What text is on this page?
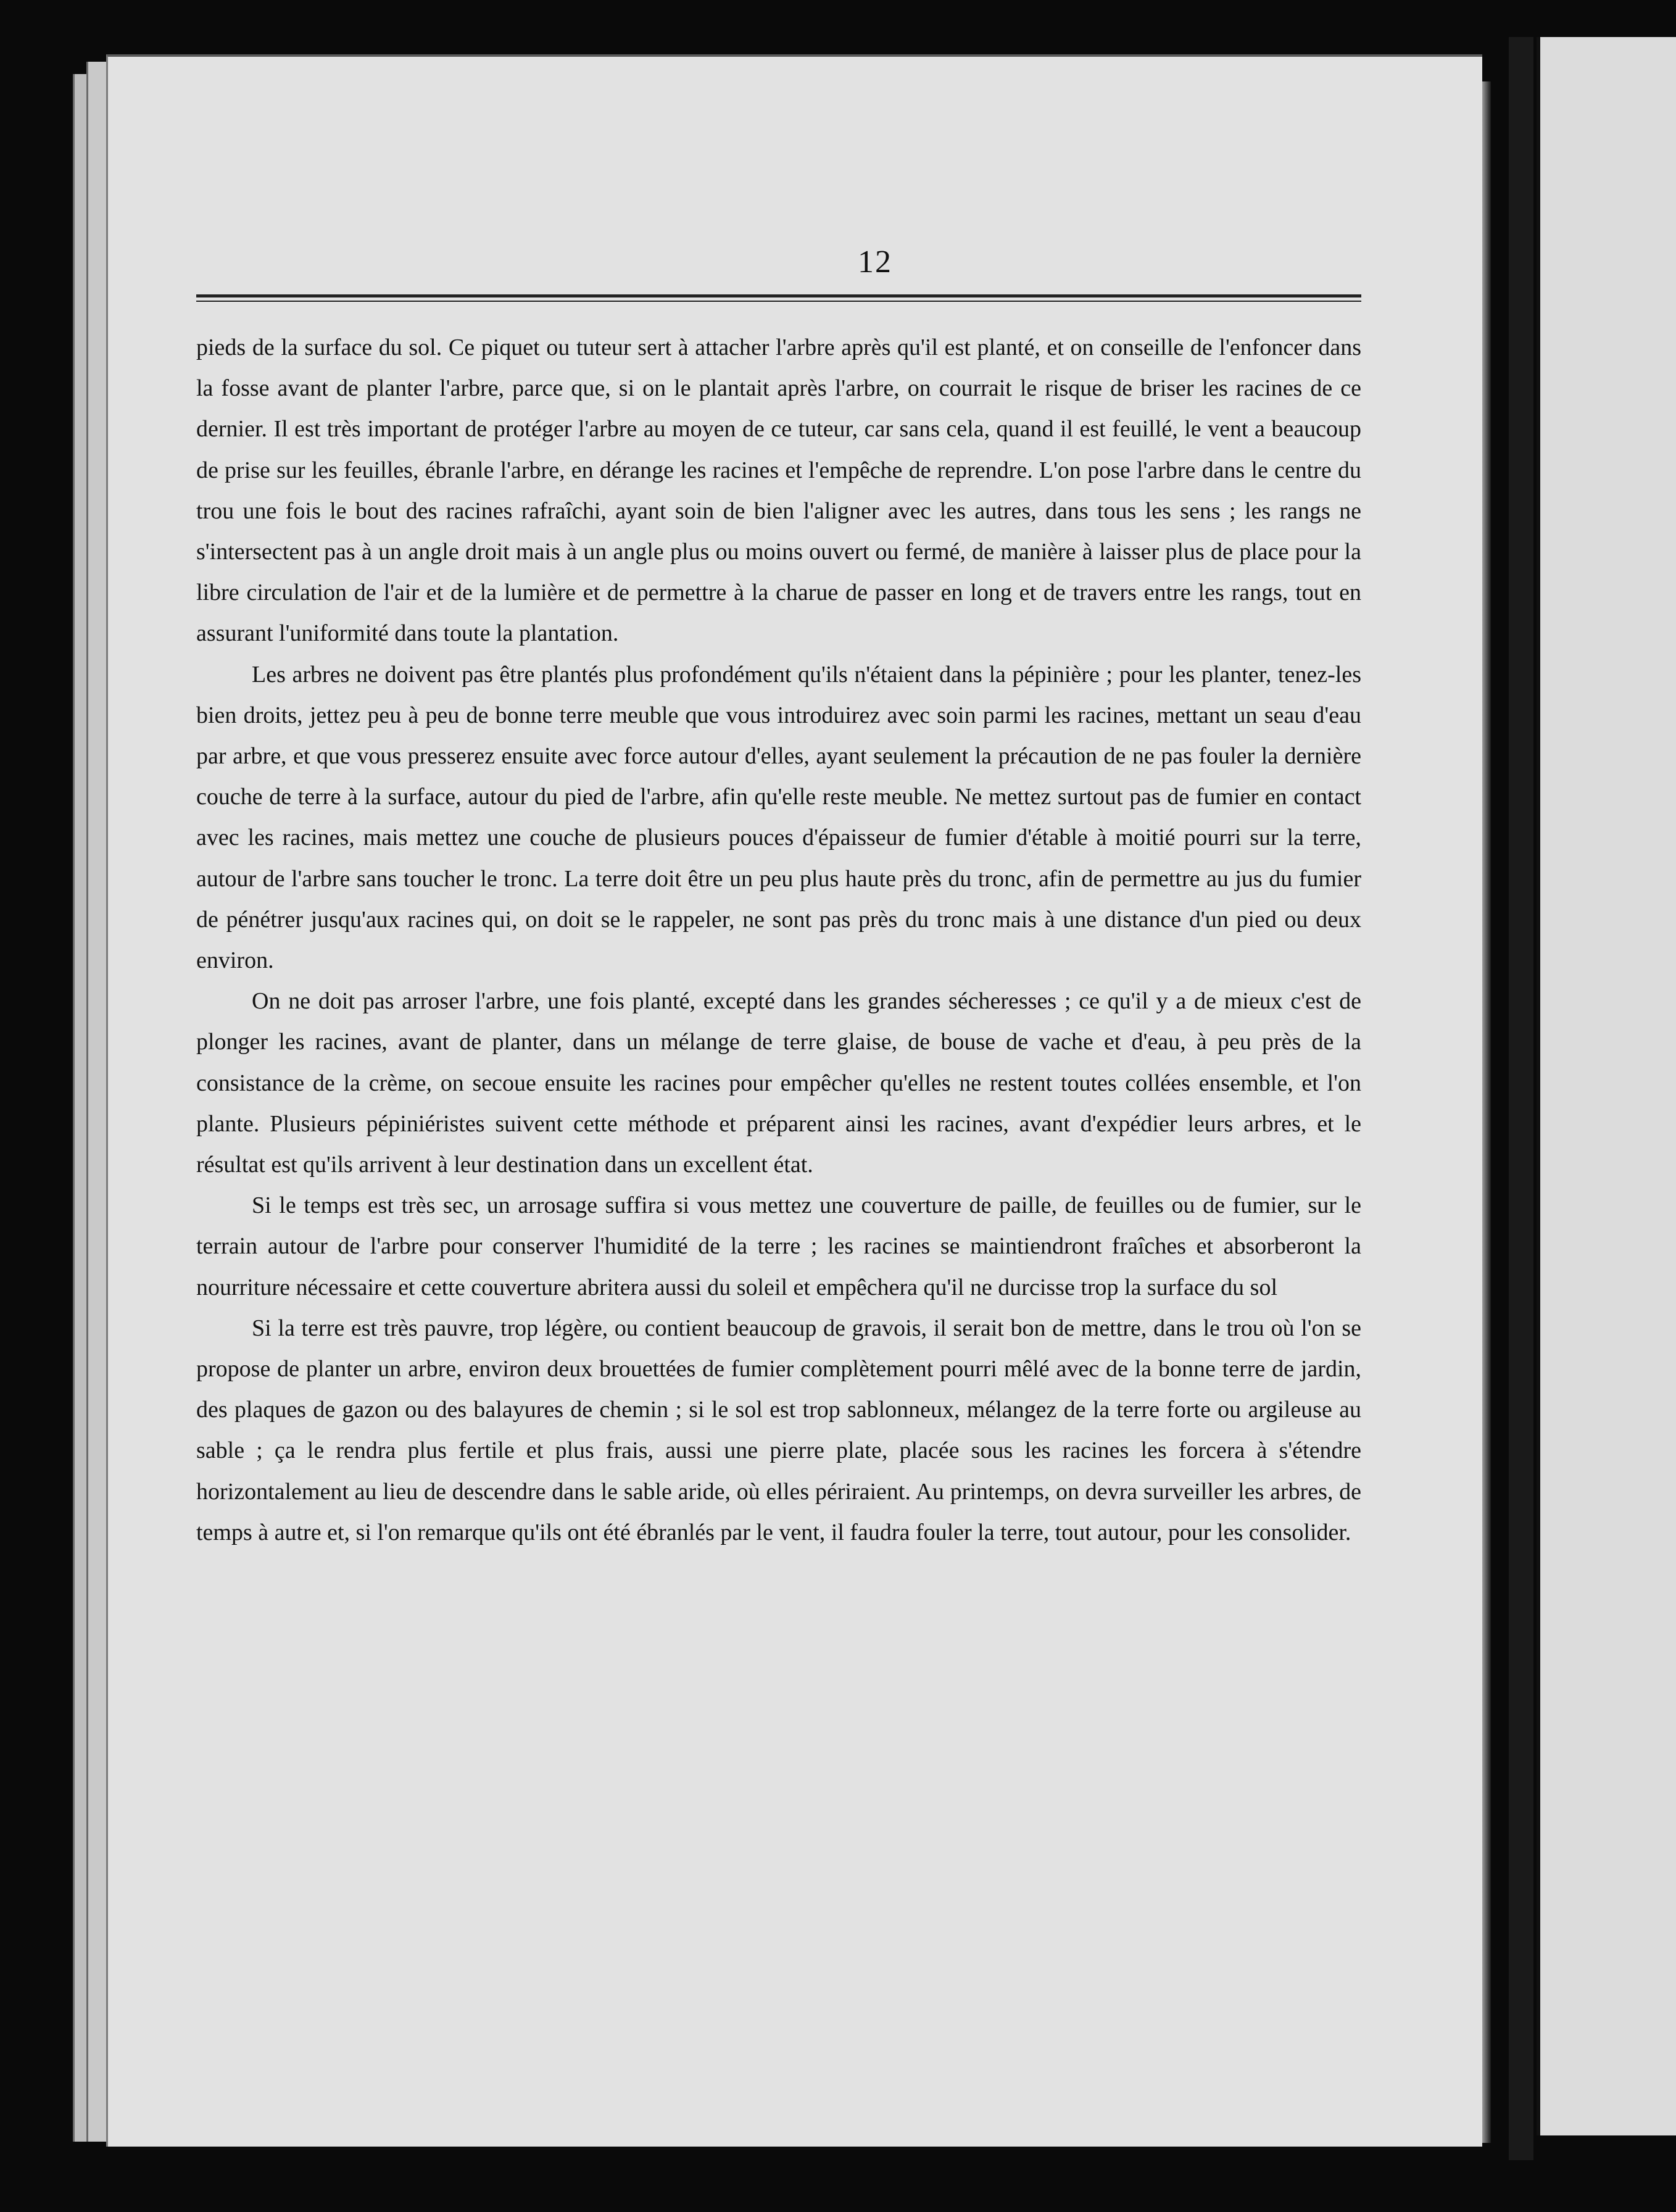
12

pieds de la surface du sol. Ce piquet ou tuteur sert à attacher l'arbre après qu'il est planté, et on conseille de l'enfoncer dans la fosse avant de planter l'arbre, parce que, si on le plantait après l'arbre, on courrait le risque de briser les racines de ce dernier. Il est très important de protéger l'arbre au moyen de ce tuteur, car sans cela, quand il est feuillé, le vent a beaucoup de prise sur les feuilles, ébranle l'arbre, en dérange les racines et l'empêche de reprendre. L'on pose l'arbre dans le centre du trou une fois le bout des racines rafraîchi, ayant soin de bien l'aligner avec les autres, dans tous les sens ; les rangs ne s'intersectent pas à un angle droit mais à un angle plus ou moins ouvert ou fermé, de manière à laisser plus de place pour la libre circulation de l'air et de la lumière et de permettre à la charue de passer en long et de travers entre les rangs, tout en assurant l'uniformité dans toute la plantation.

Les arbres ne doivent pas être plantés plus profondément qu'ils n'étaient dans la pépinière ; pour les planter, tenez-les bien droits, jettez peu à peu de bonne terre meuble que vous introduirez avec soin parmi les racines, mettant un seau d'eau par arbre, et que vous presserez ensuite avec force autour d'elles, ayant seulement la précaution de ne pas fouler la dernière couche de terre à la surface, autour du pied de l'arbre, afin qu'elle reste meuble. Ne mettez surtout pas de fumier en contact avec les racines, mais mettez une couche de plusieurs pouces d'épaisseur de fumier d'étable à moitié pourri sur la terre, autour de l'arbre sans toucher le tronc. La terre doit être un peu plus haute près du tronc, afin de permettre au jus du fumier de pénétrer jusqu'aux racines qui, on doit se le rappeler, ne sont pas près du tronc mais à une distance d'un pied ou deux environ.

On ne doit pas arroser l'arbre, une fois planté, excepté dans les grandes sécheresses ; ce qu'il y a de mieux c'est de plonger les racines, avant de planter, dans un mélange de terre glaise, de bouse de vache et d'eau, à peu près de la consistance de la crème, on secoue ensuite les racines pour empêcher qu'elles ne restent toutes collées ensemble, et l'on plante. Plusieurs pépiniéristes suivent cette méthode et préparent ainsi les racines, avant d'expédier leurs arbres, et le résultat est qu'ils arrivent à leur destination dans un excellent état.

Si le temps est très sec, un arrosage suffira si vous mettez une couverture de paille, de feuilles ou de fumier, sur le terrain autour de l'arbre pour conserver l'humidité de la terre ; les racines se maintiendront fraîches et absorberont la nourriture nécessaire et cette couverture abritera aussi du soleil et empêchera qu'il ne durcisse trop la surface du sol

Si la terre est très pauvre, trop légère, ou contient beaucoup de gravois, il serait bon de mettre, dans le trou où l'on se propose de planter un arbre, environ deux brouettées de fumier complètement pourri mêlé avec de la bonne terre de jardin, des plaques de gazon ou des balayures de chemin ; si le sol est trop sablonneux, mélangez de la terre forte ou argileuse au sable ; ça le rendra plus fertile et plus frais, aussi une pierre plate, placée sous les racines les forcera à s'étendre horizontalement au lieu de descendre dans le sable aride, où elles périraient. Au printemps, on devra surveiller les arbres, de temps à autre et, si l'on remarque qu'ils ont été ébranlés par le vent, il faudra fouler la terre, tout autour, pour les consolider.
